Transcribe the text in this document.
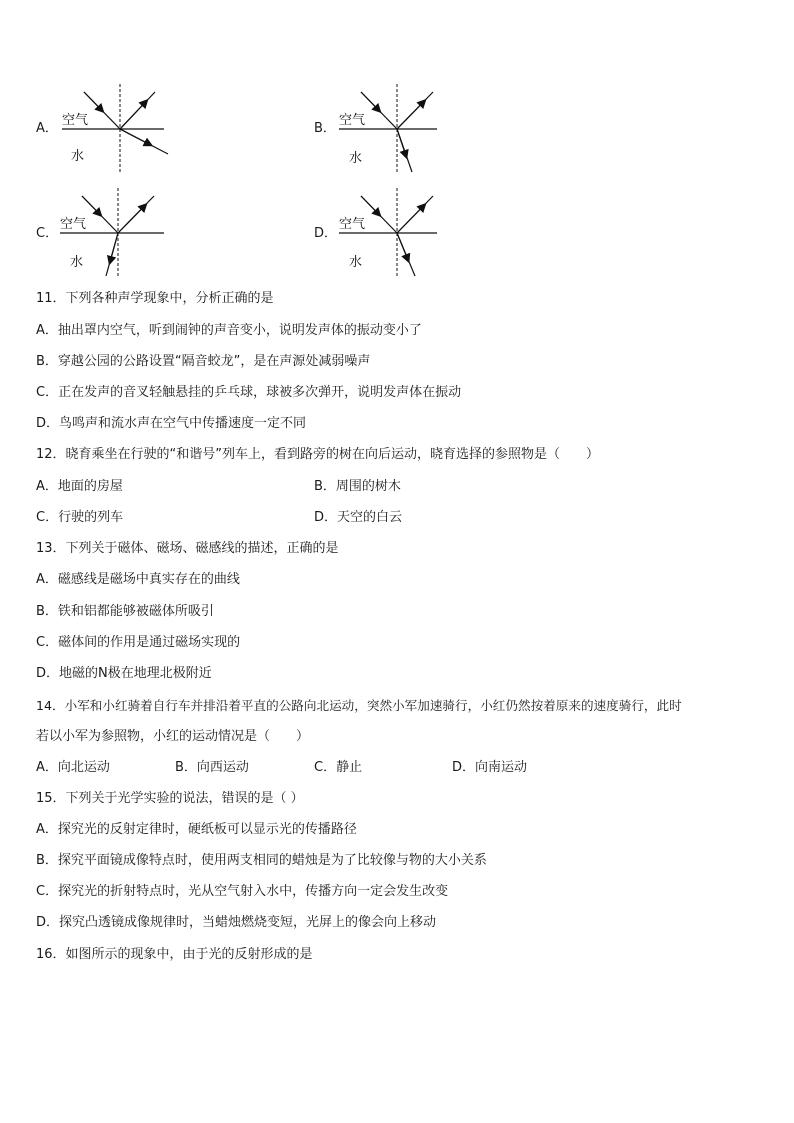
A．	B．
C．	D．
空气
水
空气
水
空气
水
空气
水
11．下列各种声学现象中，分析正确的是
A．抽出罩内空气，听到闹钟的声音变小，说明发声体的振动变小了
B．穿越公园的公路设置“隔音蛟龙”，是在声源处减弱噪声
C．正在发声的音叉轻触悬挂的乒乓球，球被多次弹开，说明发声体在振动
D．鸟鸣声和流水声在空气中传播速度一定不同
12．晓育乘坐在行驶的“和谐号”列车上，看到路旁的树在向后运动，晓育选择的参照物是（　　）
A．地面的房屋	B．周围的树木
C．行驶的列车	D．天空的白云
13．下列关于磁体、磁场、磁感线的描述，正确的是
A．磁感线是磁场中真实存在的曲线
B．铁和铝都能够被磁体所吸引
C．磁体间的作用是通过磁场实现的
D．地磁的N极在地理北极附近
14．小军和小红骑着自行车并排沿着平直的公路向北运动，突然小军加速骑行，小红仍然按着原来的速度骑行，此时
若以小军为参照物，小红的运动情况是（　　）
A．向北运动	B．向西运动	C．静止	D．向南运动
15．下列关于光学实验的说法，错误的是（ ）
A．探究光的反射定律时，硬纸板可以显示光的传播路径
B．探究平面镜成像特点时，使用两支相同的蜡烛是为了比较像与物的大小关系
C．探究光的折射特点时，光从空气射入水中，传播方向一定会发生改变
D．探究凸透镜成像规律时，当蜡烛燃烧变短，光屏上的像会向上移动
16．如图所示的现象中，由于光的反射形成的是
